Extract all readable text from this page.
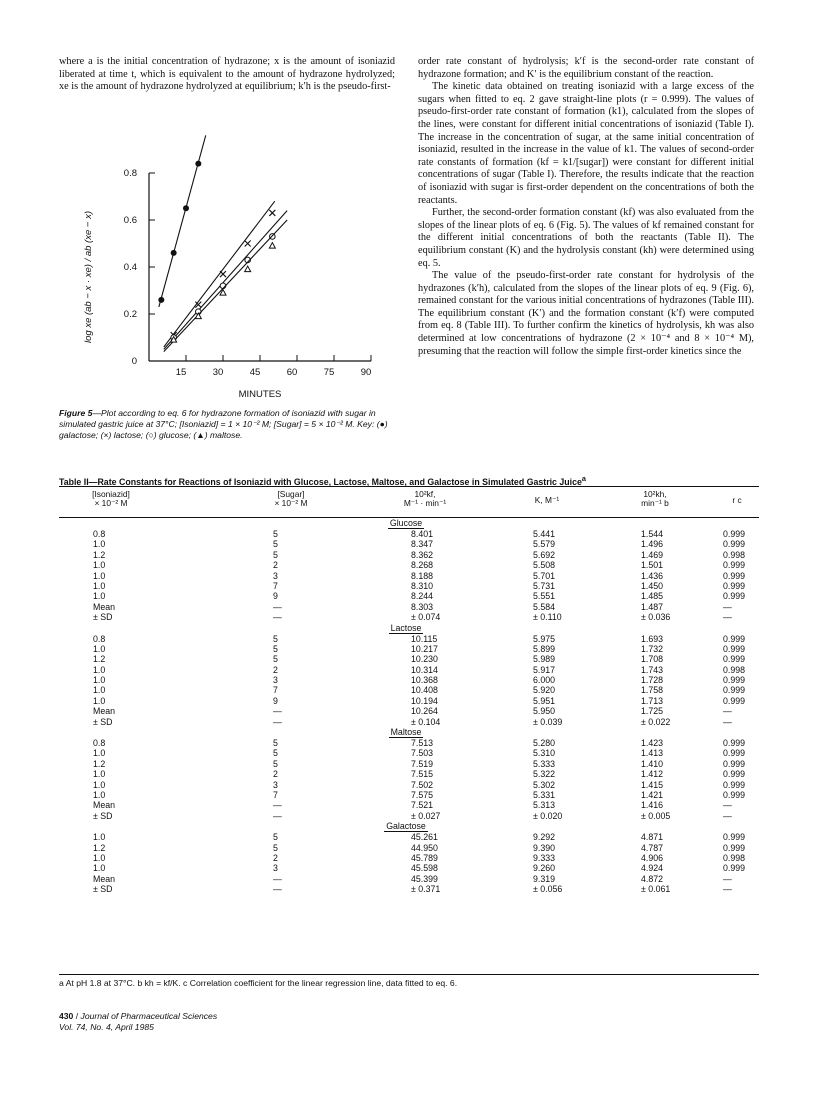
where a is the initial concentration of hydrazone; x is the amount of isoniazid liberated at time t, which is equivalent to the amount of hydrazone hydrolyzed; xe is the amount of hydrazone hydrolyzed at equilibrium; k′h is the pseudo-first-

order rate constant of hydrolysis; k′f is the second-order rate constant of hydrazone formation; and K′ is the equilibrium constant of the reaction.

The kinetic data obtained on treating isoniazid with a large excess of the sugars when fitted to eq. 2 gave straight-line plots (r = 0.999). The values of pseudo-first-order rate constant of formation (k1), calculated from the slopes of the lines, were constant for different initial concentrations of isoniazid (Table I). The increase in the concentration of sugar, at the same initial concentration of isoniazid, resulted in the increase in the value of k1. The values of second-order rate constants of formation (kf = k1/[sugar]) were constant for different initial concentrations of sugar (Table I). Therefore, the results indicate that the reaction of isoniazid with sugar is first-order dependent on the concentrations of both the reactants.

Further, the second-order formation constant (kf) was also evaluated from the slopes of the linear plots of eq. 6 (Fig. 5). The values of kf remained constant for the different initial concentrations of both the reactants (Table II). The equilibrium constant (K) and the hydrolysis constant (kh) were determined using eq. 5.

The value of the pseudo-first-order rate constant for hydrolysis of the hydrazones (k′h), calculated from the slopes of the linear plots of eq. 9 (Fig. 6), remained constant for the various initial concentrations of hydrazones (Table III). The equilibrium constant (K′) and the formation constant (k′f) were computed from eq. 8 (Table III). To further confirm the kinetics of hydrolysis, kh was also determined at low concentrations of hydrazone (2 × 10⁻⁴ and 8 × 10⁻⁴ M), presuming that the reaction will follow the simple first-order kinetics since the

15	30	45	60	75	90
0
0.2
0.4
0.6
0.8
MINUTES
log xe (ab − x · xe) / ab (xe − x)
Figure 5—Plot according to eq. 6 for hydrazone formation of isoniazid with sugar in simulated gastric juice at 37°C; [Isoniazid] = 1 × 10⁻² M; [Sugar] = 5 × 10⁻² M. Key: (●) galactose; (×) lactose; (○) glucose; (▲) maltose.
Table II—Rate Constants for Reactions of Isoniazid with Glucose, Lactose, Maltose, and Galactose in Simulated Gastric Juice$^a$
[Isoniazid]
× 10⁻² M
[Sugar]
× 10⁻² M
10²kf,
M⁻¹ · min⁻¹	K, M⁻¹
10²kh,
min⁻¹ b	r c
Glucose
0.8	5	8.401	5.441	1.544	0.999
1.0	5	8.347	5.579	1.496	0.999
1.2	5	8.362	5.692	1.469	0.998
1.0	2	8.268	5.508	1.501	0.999
1.0	3	8.188	5.701	1.436	0.999
1.0	7	8.310	5.731	1.450	0.999
1.0	9	8.244	5.551	1.485	0.999
Mean	—	8.303	5.584	1.487	—
± SD	—	± 0.074	± 0.110	± 0.036	—
Lactose
0.8	5	10.115	5.975	1.693	0.999
1.0	5	10.217	5.899	1.732	0.999
1.2	5	10.230	5.989	1.708	0.999
1.0	2	10.314	5.917	1.743	0.998
1.0	3	10.368	6.000	1.728	0.999
1.0	7	10.408	5.920	1.758	0.999
1.0	9	10.194	5.951	1.713	0.999
Mean	—	10.264	5.950	1.725	—
± SD	—	± 0.104	± 0.039	± 0.022	—
Maltose
0.8	5	7.513	5.280	1.423	0.999
1.0	5	7.503	5.310	1.413	0.999
1.2	5	7.519	5.333	1.410	0.999
1.0	2	7.515	5.322	1.412	0.999
1.0	3	7.502	5.302	1.415	0.999
1.0	7	7.575	5.331	1.421	0.999
Mean	—	7.521	5.313	1.416	—
± SD	—	± 0.027	± 0.020	± 0.005	—
Galactose
1.0	5	45.261	9.292	4.871	0.999
1.2	5	44.950	9.390	4.787	0.999
1.0	2	45.789	9.333	4.906	0.998
1.0	3	45.598	9.260	4.924	0.999
Mean	—	45.399	9.319	4.872	—
± SD	—	± 0.371	± 0.056	± 0.061	—
a At pH 1.8 at 37°C. b kh = kf/K. c Correlation coefficient for the linear regression line, data fitted to eq. 6.
430 / Journal of Pharmaceutical Sciences
Vol. 74, No. 4, April 1985
